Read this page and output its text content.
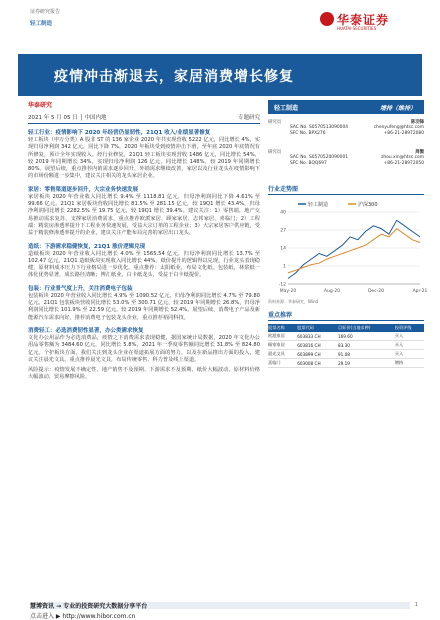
证券研究报告
轻工制造	华泰证券
HUATAI SECURITIES
疫情冲击渐退去，家居消费增长修复
华泰研究
2021 年 5 月 05 日 │ 中国内地	专题研究
轻工行业：疫情影响下 2020 年经营仍显韧性，21Q1 收入/业绩显著修复
轻工板块（申万分类）A 股非 ST 的 136 家企业 2020 年共实现营收 5222 亿元，同比增长 4%，实现归母净利润 342 亿元，同比下降 7%。2020 年板块受到疫情冲击下滑，至年底 2020 年底情况有所修复，预计全年实现收入。经行业修复，21Q1 轻工板块实现营收 1486 亿元，同比增长 54%，较 2019 年同期增长 34%，实现归母净利润 126 亿元，同比增长 148%，较 2019 年同期增长 80%。展望后续，重点推荐内销需求逐步回升，外销需求继续改善，家居以及行业龙头在疫情影响下的市场份额进一步集中，建议关注相关的龙头家居企业。
家居：零售渠道逐步回升，大宗业务快速发展
家居板块 2020 年营业收入同比增长 9.4% 至 1118.81 亿元，归母净利润同比下降 4.61% 至 99.66 亿元。21Q1 家居板块营收同比增长 81.5% 至 281.15 亿元，较 19Q1 增长 43.4%，归母净利润同比增长 2282.5% 至 19.75 亿元，较 19Q1 增长 39.4%。建议关注：1）零售端，地产交易推动需求复苏，支撑家居消费需求，重点推荐欧派家居、顾家家居、志邦家居、喜临门；2）工程端：精装房渗透率提升下工程业务快速发展，受益大宗订单的工程企业；3）大宗家居客户供应链，受益于精装修渗透率提升的企业，建议关注产能布局完善的家居出口龙头。
造纸：下游需求稳健恢复，21Q1 涨价逻辑兑现
造纸板块 2020 年营业收入同比增长 4.0% 至 1565.54 亿元，归母净利润同比增长 13.7% 至 102.47 亿元。21Q1 造纸板块实现收入同比增长 44%。纸价提升的逻辑得以兑现，行业龙头表现稳健，原材料成本压力下行业格局进一步优化。重点推荐：太阳纸业，布局文化纸、包装纸，林浆纸一体化优势显著，成长路径清晰；博汇纸业，白卡纸龙头，受益于白卡纸提价。
包装：行业景气度上升，关注消费电子包装
包装板块 2020 年营业收入同比增长 4.9% 至 1090.52 亿元，归母净利润同比增长 4.7% 至 79.80 亿元。21Q1 包装板块营收同比增长 53.0% 至 300.71 亿元，较 2019 年同期增长 26.8%，归母净利润同比增长 101.9% 至 22.59 亿元，较 2019 年同期增长 52.4%。展望后续，消费电子产品及新能源汽车需求向好，推荐消费电子包装龙头企业，重点推荐裕同科技。
消费轻工：必选消费韧性显著，办公类需求恢复
文化办公用品作为必选消费品，疫情之下消费需求表现稳健，据国家统计局数据，2020 年文化办公用品零售额为 3484.60 亿元，同比增长 5.8%，2021 年一季度零售额同比增长 31.8% 至 824.80 亿元。个护板块方面，我们关注到龙头企业在渠道拓展方面的努力，以及在新品推出方面的投入，建议关注晨光文具。重点推荐晨光文具，布局传统零售、科力普及线上渠道。
风险提示：疫情发展不确定性、地产销售不及预期、下游需求不及预期、纸价大幅波动、原材料价格大幅波动、贸易摩擦风险。
轻工制造	增持（维持）
研究员	陈羽锋
SAC No. S0570513090004	chenyufeng@htsc.com
SFC No. BPX276	+86-21-28972080
研究员	周衡
SAC No. S0570520090001	zhou.xin@htsc.com
SFC No. BQQ697	+86-21-28972050
行业走势图
轻工制造	沪深300
-12
1
14
27
40
May-20	Aug-20	Dec-20	Apr-21
资料来源：华泰研究，Wind
重点推荐
股票名称	股票代码	目标价(当地币种)	投资评级
欧派家居	603833 CH	169.60	买入
顾家家居	603816 CH	83.30	买入
晨光文具	603899 CH	91.08	买入
喜临门	603008 CH	29.19	增持
慧博资讯 → 专业的投资研究大数据分享平台
点击进入 ▶ http://www.hibor.com.cn
1
